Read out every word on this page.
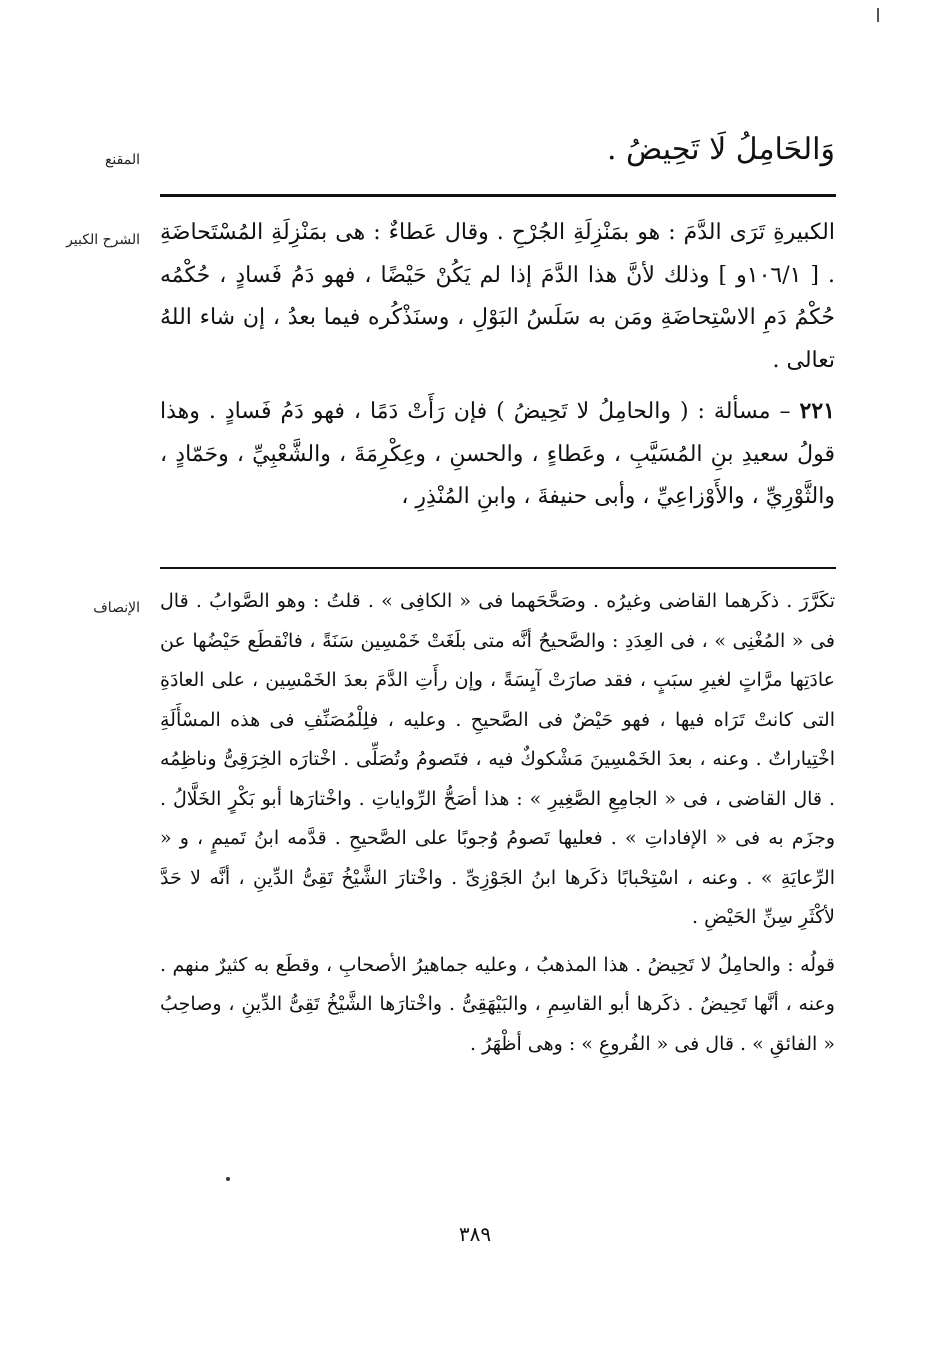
المقنع	وَالحَامِلُ لَا تَحِيضُ .
الشرح الكبير الكبيرةِ تَرَى الدَّمَ : هو بمَنْزِلَةِ الجُرْحِ . وقال عَطاءٌ : هى بمَنْزِلَةِ المُسْتَحاضَةِ . [ ١٠٦/١و ] وذلك لأنَّ هذا الدَّمَ إذا لم يَكُنْ حَيْضًا ، فهو دَمُ فَسادٍ ، حُكْمُه حُكْمُ دَمِ الاسْتِحاضَةِ ومَن به سَلَسُ البَوْلِ ، وسنَذْكُره فيما بعدُ ، إن شاء اللهُ تعالى .

٢٢١ – مسألة : ( والحامِلُ لا تَحِيضُ ) فإن رَأَتْ دَمًا ، فهو دَمُ فَسادٍ . وهذا قولُ سعيدِ بنِ المُسَيَّبِ ، وعَطاءٍ ، والحسنِ ، وعِكْرِمَةَ ، والشَّعْبِيِّ ، وحَمّادٍ ، والثَّوْرِيِّ ، والأَوْزاعِيِّ ، وأبى حنيفةَ ، وابنِ المُنْذِرِ ،

الإنصاف تكَرَّرَ . ذكَرهما القاضى وغيرُه . وصَحَّحَهما فى « الكافِى » . قلتُ : وهو الصَّوابُ . قال فى « المُغْنِى » ، فى العِدَدِ : والصَّحيحُ أنَّه متى بلَغَتْ خَمْسِين سَنَةً ، فانْقطَع حَيْضُها عن عادَتِها مرَّاتٍ لغيرِ سبَبٍ ، فقد صارَتْ آيِسَةً ، وإن رأَتِ الدَّمَ بعدَ الخَمْسِين ، على العادَةِ التى كانتْ تَرَاه فيها ، فهو حَيْضٌ فى الصَّحيحِ . وعليه ، فلِلْمُصَنِّفِ فى هذه المسْأَلَةِ اخْتِياراتٌ . وعنه ، بعدَ الخَمْسِينَ مَشْكوكٌ فيه ، فتَصومُ وتُصَلِّى . اخْتارَه الخِرَقِىُّ وناظِمُه . قال القاضى ، فى « الجامِعِ الصَّغِيرِ » : هذا أصَحُّ الرِّواياتِ . واخْتارَها أبو بَكْرٍ الخَلَّالُ . وجزَم به فى « الإفاداتِ » . فعليها تَصومُ وُجوبًا على الصَّحيحِ . قدَّمه ابنُ تَميمٍ ، و « الرِّعايَةِ » . وعنه ، اسْتِحْبابًا ذكَرها ابنُ الجَوْزِىِّ . واخْتارَ الشَّيْخُ تَقِىُّ الدِّينِ ، أنَّه لا حَدَّ لأكْثَرِ سِنِّ الحَيْضِ .

قولُه : والحامِلُ لا تَحِيضُ . هذا المذهبُ ، وعليه جماهيرُ الأصحابِ ، وقطَع به كثيرٌ منهم . وعنه ، أنَّها تَحِيضُ . ذكَرها أبو القاسِمِ ، والبَيْهَقِىُّ . واخْتارَها الشَّيْخُ تَقِىُّ الدِّينِ ، وصاحِبُ « الفائقِ » . قال فى « الفُروعِ » : وهى أظْهَرُ .

٣٨٩
